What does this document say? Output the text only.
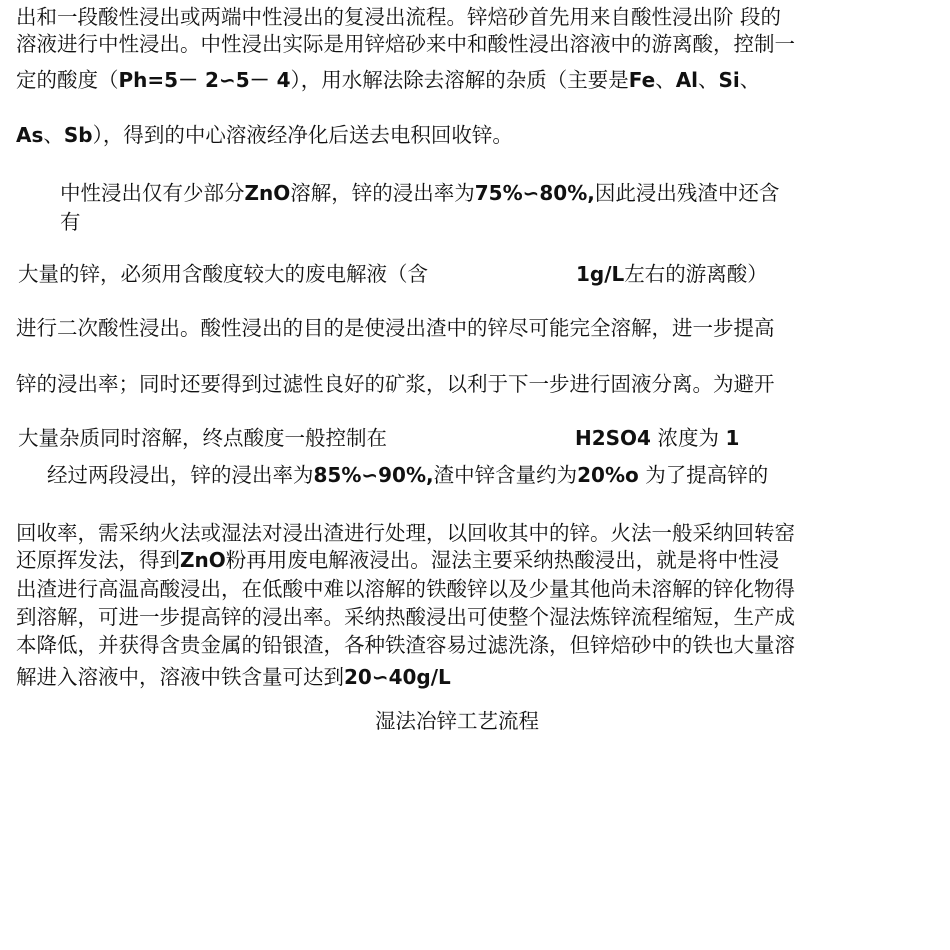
出和一段酸性浸出或两端中性浸出的复浸出流程。锌焙砂首先用来自酸性浸出阶 段的
溶液进行中性浸出。中性浸出实际是用锌焙砂来中和酸性浸出溶液中的游离酸，控制一
定的酸度（Ph=5－ 2∽5－ 4），用水解法除去溶解的杂质（主要是Fe、Al、Si、
As、Sb），得到的中心溶液经净化后送去电积回收锌。
中性浸出仅有少部分ZnO溶解，锌的浸出率为75%∽80%,因此浸出残渣中还含
有
大量的锌，必须用含酸度较大的废电解液（含	1g/L左右的游离酸）
进行二次酸性浸出。酸性浸出的目的是使浸出渣中的锌尽可能完全溶解，进一步提高
锌的浸出率；同时还要得到过滤性良好的矿浆，以利于下一步进行固液分离。为避开
大量杂质同时溶解，终点酸度一般控制在	H2SO4 浓度为 1
经过两段浸出，锌的浸出率为85%∽90%,渣中锌含量约为20%o 为了提高锌的
回收率，需采纳火法或湿法对浸出渣进行处理，以回收其中的锌。火法一般采纳回转窑
还原挥发法，得到ZnO粉再用废电解液浸出。湿法主要采纳热酸浸出，就是将中性浸
出渣进行高温高酸浸出，在低酸中难以溶解的铁酸锌以及少量其他尚未溶解的锌化物得
到溶解，可进一步提高锌的浸出率。采纳热酸浸出可使整个湿法炼锌流程缩短，生产成
本降低，并获得含贵金属的铅银渣，各种铁渣容易过滤洗涤，但锌焙砂中的铁也大量溶
解进入溶液中，溶液中铁含量可达到20∽40g/L
湿法冶锌工艺流程
